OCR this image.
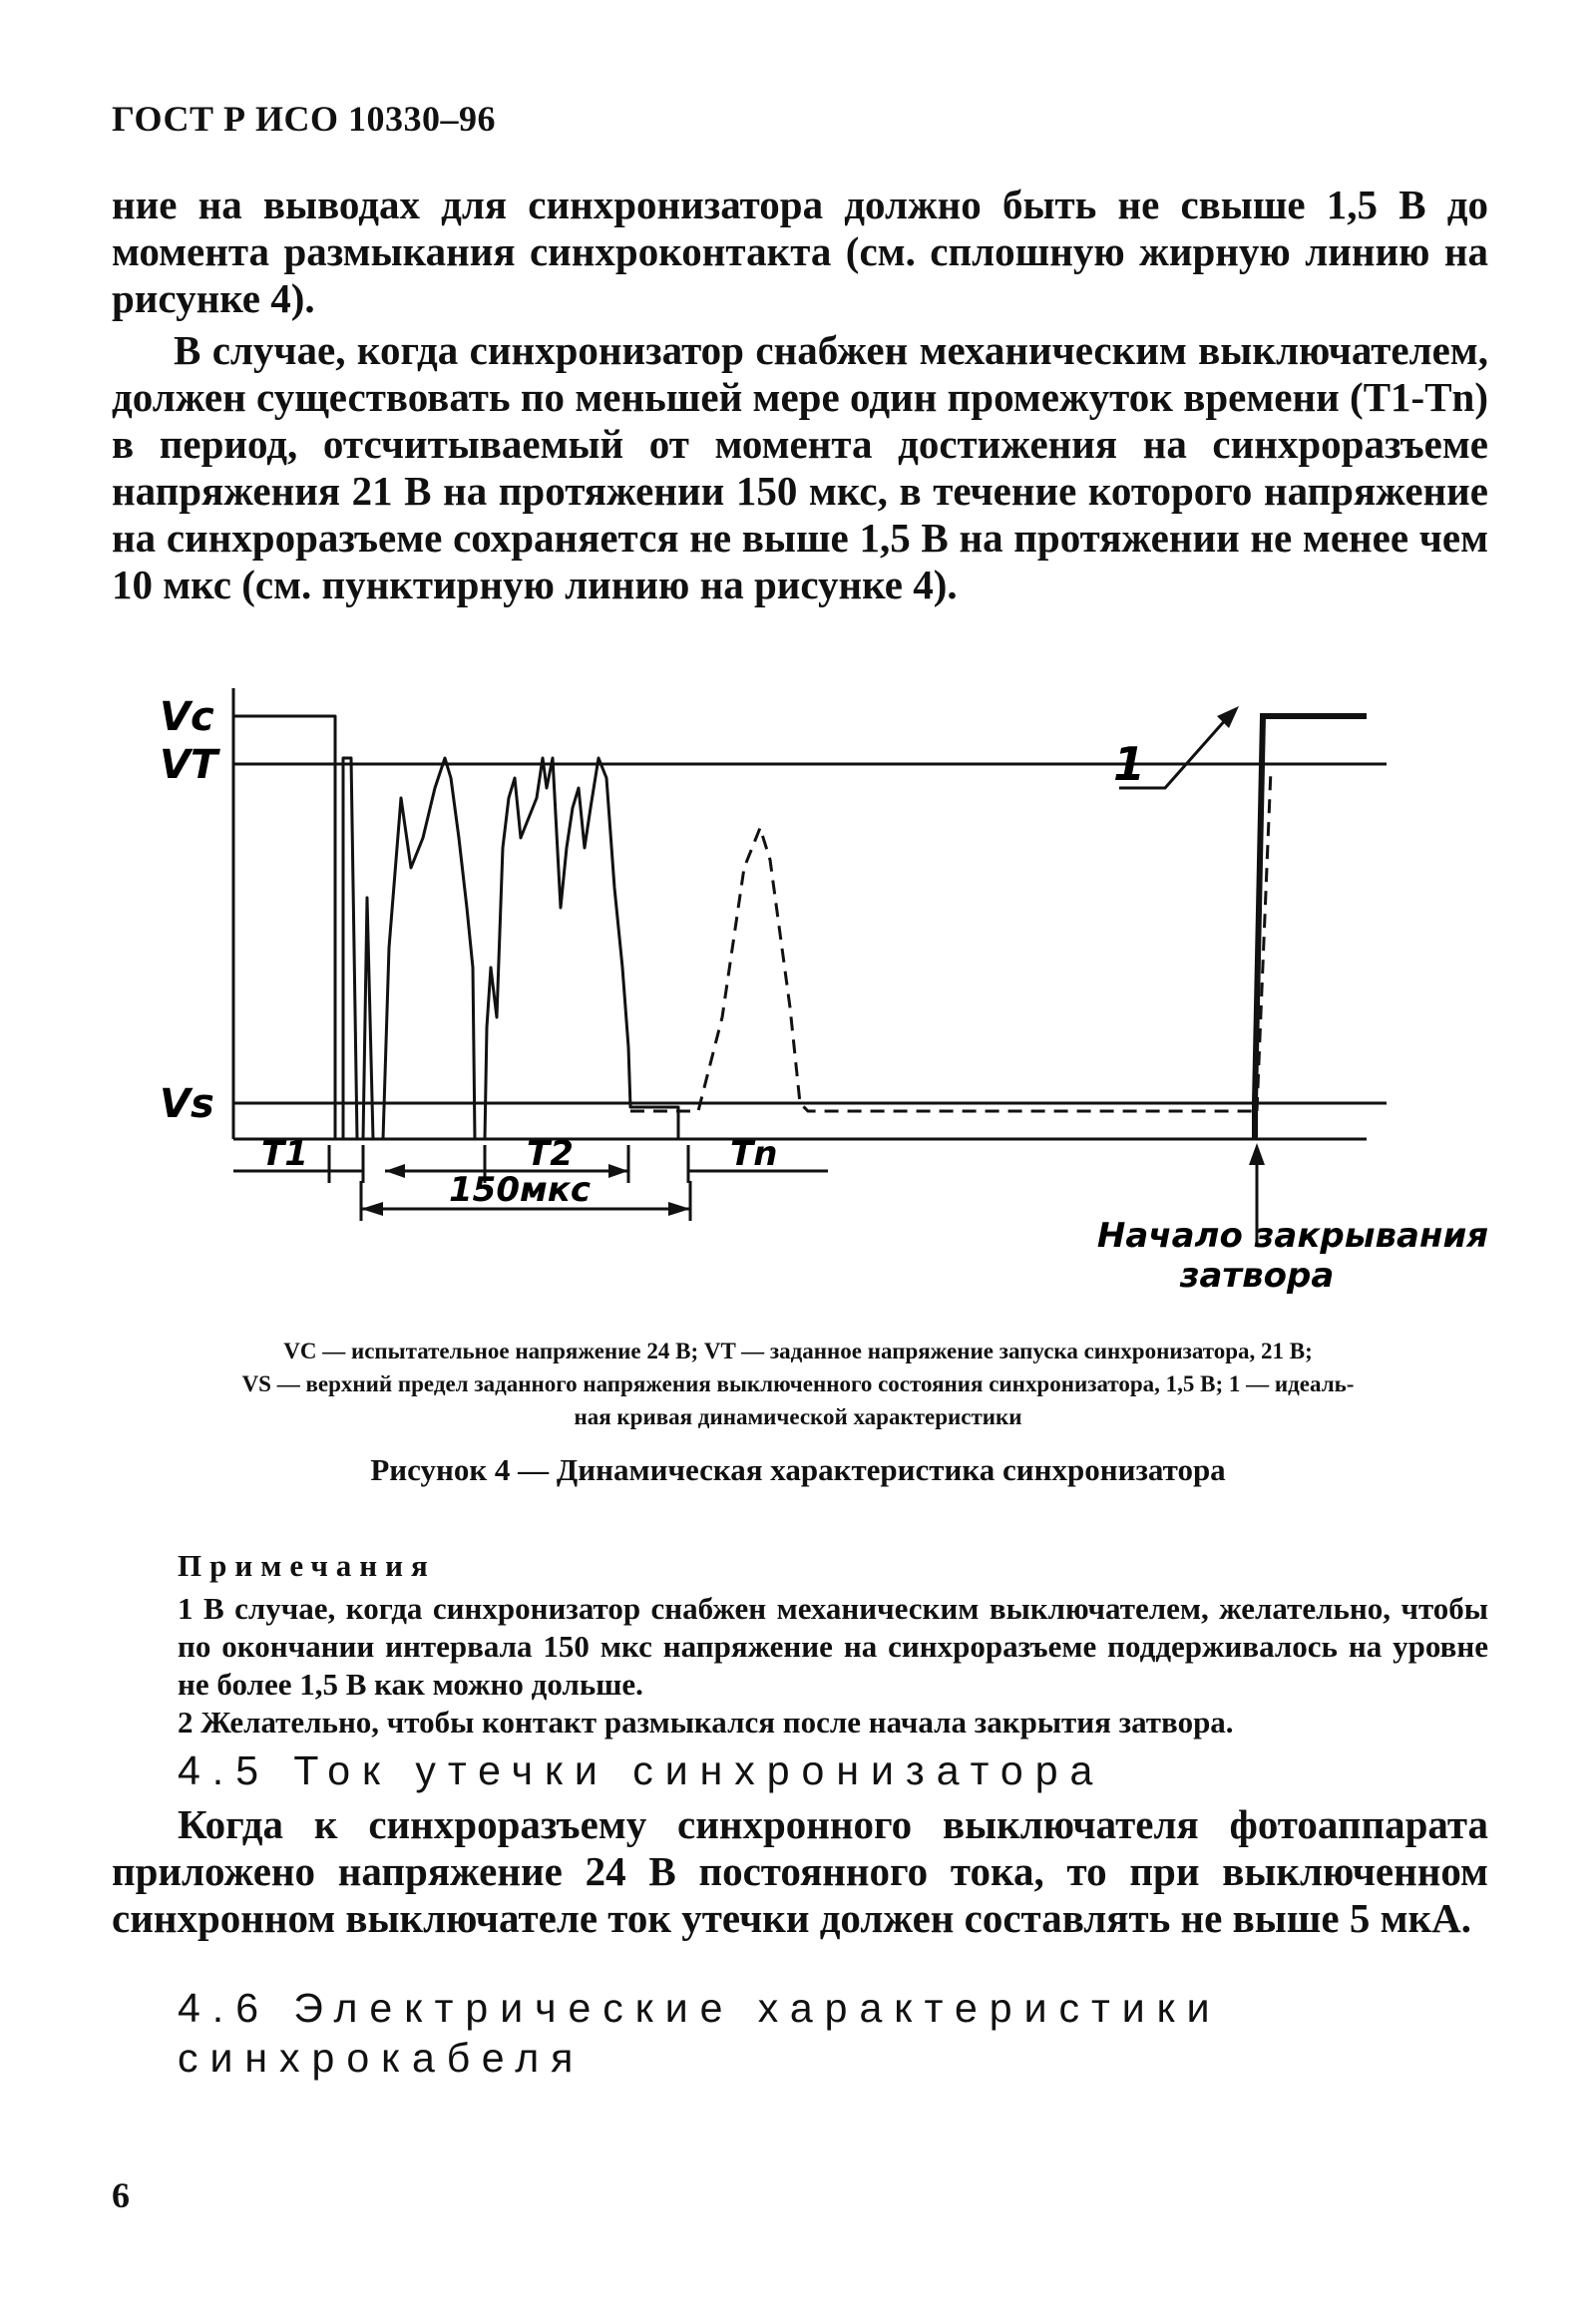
ГОСТ Р ИСО 10330–96

ние на выводах для синхронизатора должно быть не свыше 1,5 В до момента размыкания синхроконтакта (см. сплошную жирную линию на рисунке 4).

В случае, когда синхронизатор снабжен механическим выключателем, должен существовать по меньшей мере один промежуток времени (T1-Tn) в период, отсчитываемый от момента достижения на синхроразъеме напряжения 21 В на протяжении 150 мкс, в течение которого напряжение на синхроразъеме сохраняется не выше 1,5 В на протяжении не менее чем 10 мкс (см. пунктирную линию на рисунке 4).

Vc
VT
Vs
T1	T2	Tn
150мкс
1
Начало закрывания
затвора
VC — испытательное напряжение 24 В; VT — заданное напряжение запуска синхронизатора, 21 В;
VS — верхний предел заданного напряжения выключенного состояния синхронизатора, 1,5 В; 1 — идеаль-
ная кривая динамической характеристики
Рисунок 4 — Динамическая характеристика синхронизатора
Примечания

1 В случае, когда синхронизатор снабжен механическим выключателем, желательно, чтобы по окончании интервала 150 мкс напряжение на синхроразъеме поддерживалось на уровне не более 1,5 В как можно дольше.

2 Желательно, чтобы контакт размыкался после начала закрытия затвора.

4.5 Ток утечки синхронизатора
Когда к синхроразъему синхронного выключателя фотоаппарата приложено напряжение 24 В постоянного тока, то при выключенном синхронном выключателе ток утечки должен составлять не выше 5 мкА.
4.6 Электрические характеристики синхрокабеля
6
